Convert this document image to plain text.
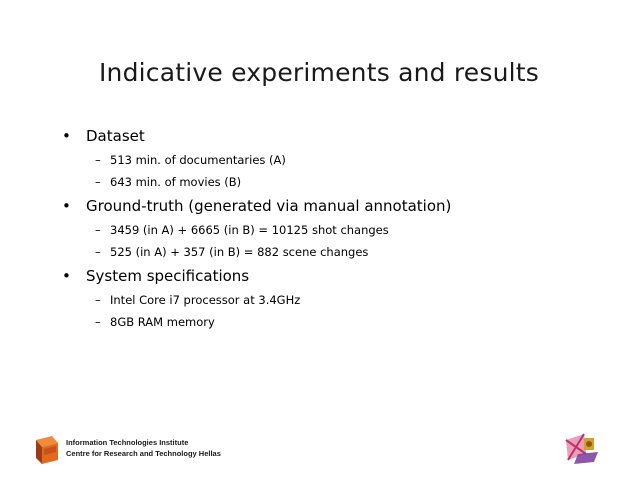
Indicative experiments and results
• Dataset
– 513 min. of documentaries (A)
– 643 min. of movies (B)
• Ground-truth (generated via manual annotation)
– 3459 (in A) + 6665 (in B) = 10125 shot changes
– 525 (in A) + 357 (in B) = 882 scene changes
• System specifications
– Intel Core i7 processor at 3.4GHz
– 8GB RAM memory
Information Technologies Institute
Centre for Research and Technology Hellas
